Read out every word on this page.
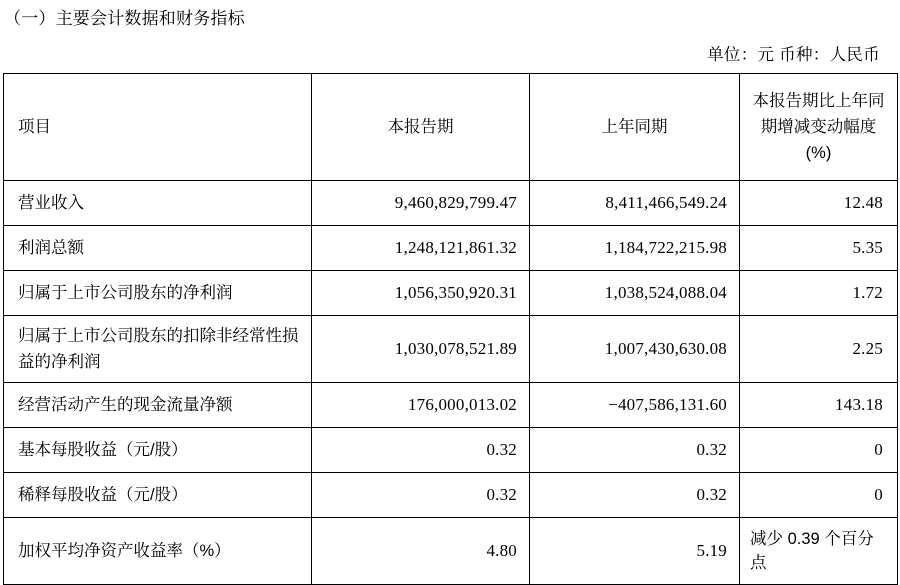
（一）主要会计数据和财务指标
单位：元 币种：人民币
项目	本报告期	上年同期	本报告期比上年同期增减变动幅度(%)
营业收入	9,460,829,799.47	8,411,466,549.24	12.48
利润总额	1,248,121,861.32	1,184,722,215.98	5.35
归属于上市公司股东的净利润	1,056,350,920.31	1,038,524,088.04	1.72
归属于上市公司股东的扣除非经常性损益的净利润	1,030,078,521.89	1,007,430,630.08	2.25
经营活动产生的现金流量净额	176,000,013.02	−407,586,131.60	143.18
基本每股收益（元/股）	0.32	0.32	0
稀释每股收益（元/股）	0.32	0.32	0
加权平均净资产收益率（%）	4.80	5.19	减少 0.39 个百分点
